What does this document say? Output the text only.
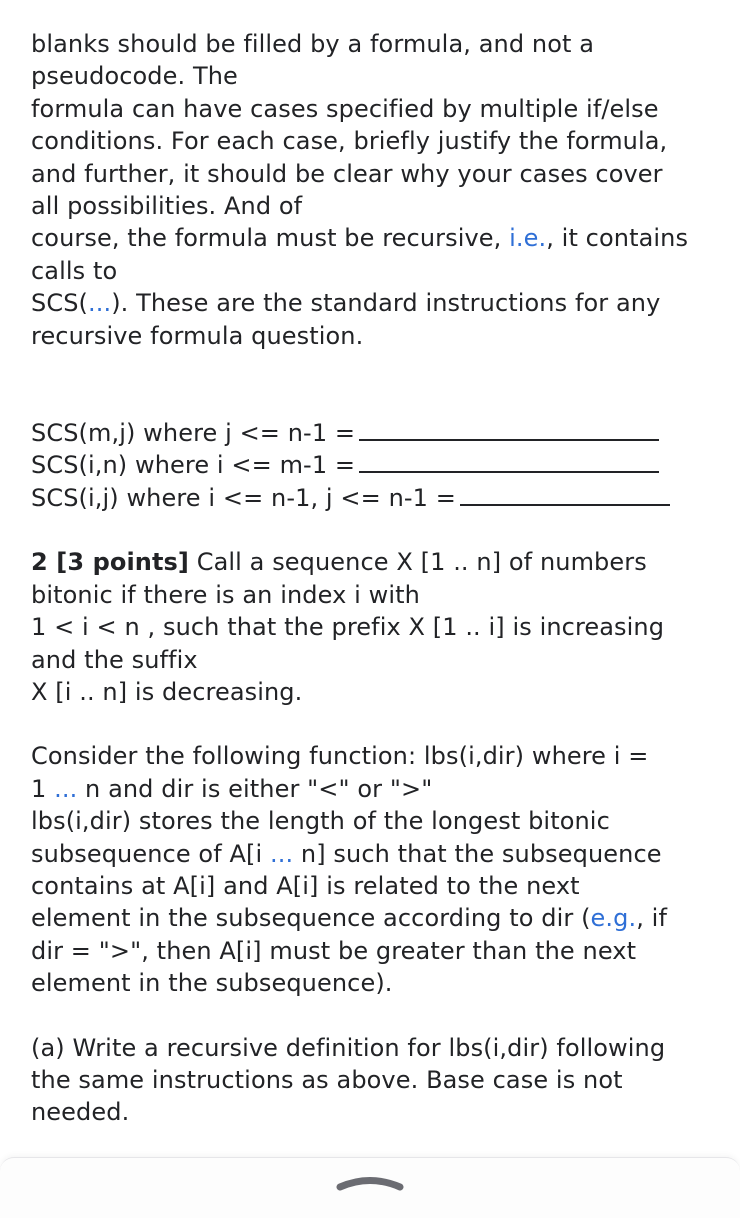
blanks should be filled by a formula, and not a
pseudocode. The
formula can have cases specified by multiple if/else
conditions. For each case, briefly justify the formula,
and further, it should be clear why your cases cover
all possibilities. And of
course, the formula must be recursive, i.e., it contains
calls to
SCS(...). These are the standard instructions for any
recursive formula question.
SCS(m,j) where j <= n-1 =
SCS(i,n) where i <= m-1 =
SCS(i,j) where i <= n-1, j <= n-1 =
2 [3 points] Call a sequence X [1 .. n] of numbers
bitonic if there is an index i with
1 < i < n , such that the prefix X [1 .. i] is increasing
and the suffix
X [i .. n] is decreasing.
Consider the following function: lbs(i,dir) where i =
1 ... n and dir is either "<" or ">"
lbs(i,dir) stores the length of the longest bitonic
subsequence of A[i ... n] such that the subsequence
contains at A[i] and A[i] is related to the next
element in the subsequence according to dir (e.g., if
dir = ">", then A[i] must be greater than the next
element in the subsequence).
(a) Write a recursive definition for lbs(i,dir) following
the same instructions as above. Base case is not
needed.
